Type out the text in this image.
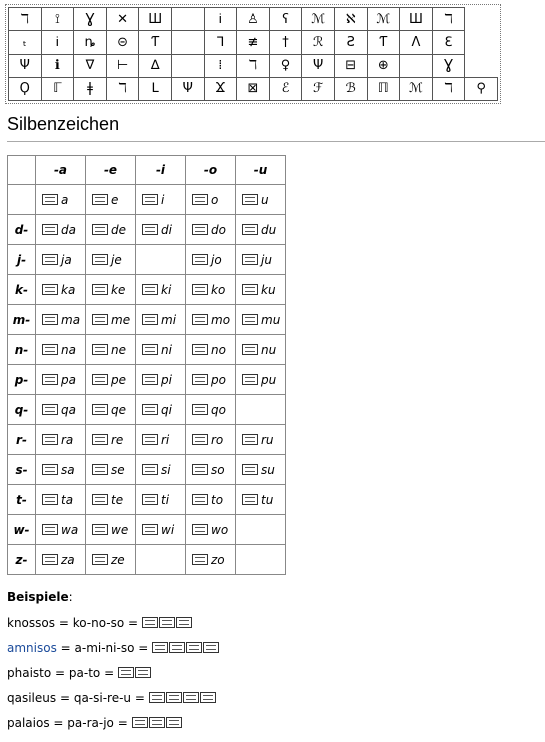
ℸ	⟟	Ɣ	✕	Ш		Ꭵ	♙	ʕ	ℳ	ℵ	ℳ	Ш	ℸ	
ₜ	Ꭵ	ȵ	⊝	Ƭ		ᒣ	≢	†	ℛ	Ƨ	Ƭ	Ʌ	ℇ	
Ψ	ℹ	∇	⊢	∆		⁞	ℸ	♀	Ψ	⊟	⊕		Ɣ	
Ϙ	ℾ	ǂ	ℸ	ᒪ	Ψ	Ϫ	⊠	ℰ	ℱ	ℬ	ℿ	ℳ	ℸ	⚲
Silbenzeichen
	-a	-e	-i	-o	-u
	a	e	i	o	u
d-	da	de	di	do	du
j-	ja	je		jo	ju
k-	ka	ke	ki	ko	ku
m-	ma	me	mi	mo	mu
n-	na	ne	ni	no	nu
p-	pa	pe	pi	po	pu
q-	qa	qe	qi	qo	
r-	ra	re	ri	ro	ru
s-	sa	se	si	so	su
t-	ta	te	ti	to	tu
w-	wa	we	wi	wo	
z-	za	ze		zo	
Beispiele:
knossos = ko-no-so =
amnisos = a-mi-ni-so =
phaisto = pa-to =
qasileus = qa-si-re-u =
palaios = pa-ra-jo =
